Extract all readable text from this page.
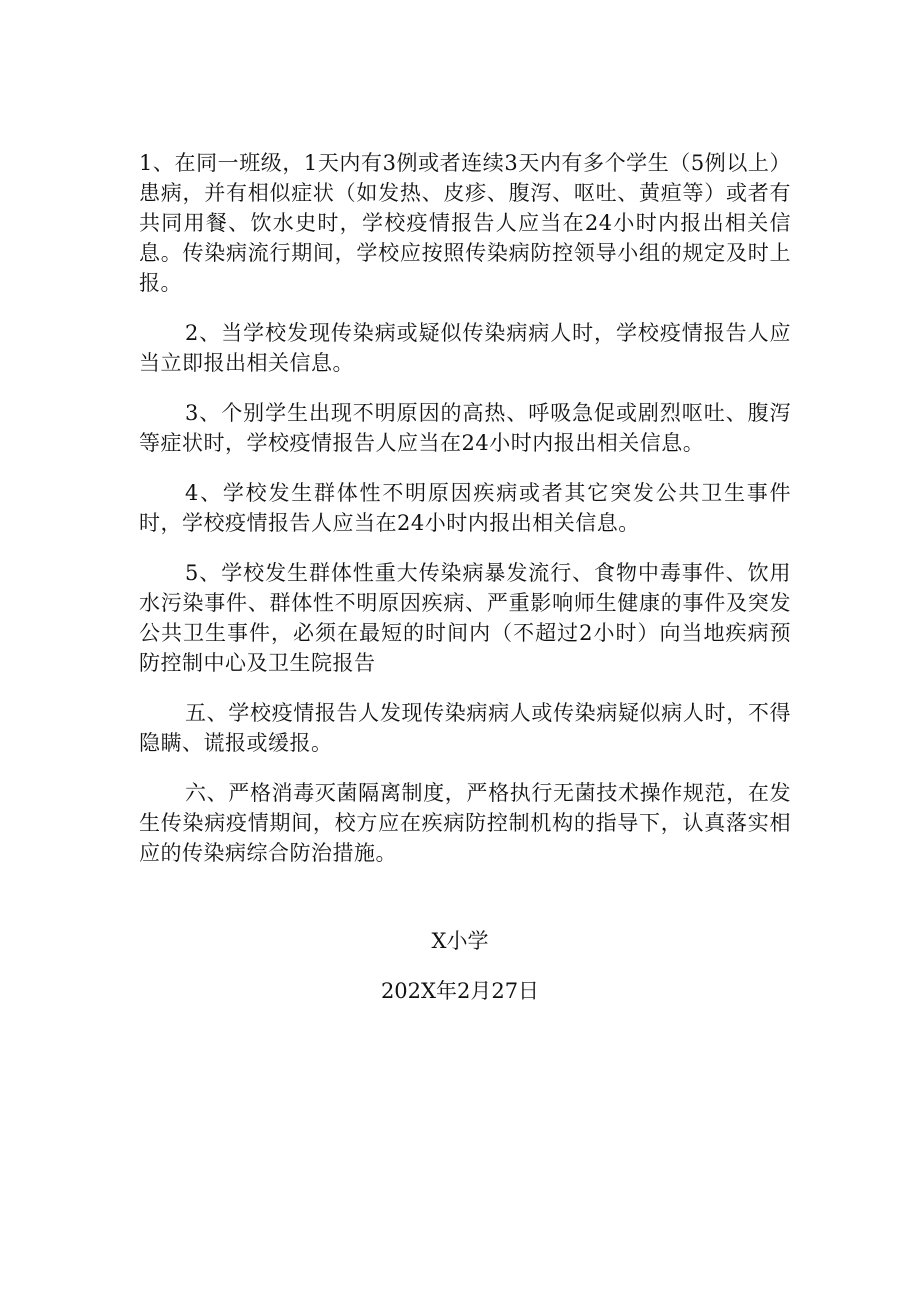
1、在同一班级，1天内有3例或者连续3天内有多个学生（5例以上）患病，并有相似症状（如发热、皮疹、腹泻、呕吐、黄疸等）或者有共同用餐、饮水史时，学校疫情报告人应当在24小时内报出相关信息。传染病流行期间，学校应按照传染病防控领导小组的规定及时上报。

2、当学校发现传染病或疑似传染病病人时，学校疫情报告人应当立即报出相关信息。

3、个别学生出现不明原因的高热、呼吸急促或剧烈呕吐、腹泻等症状时，学校疫情报告人应当在24小时内报出相关信息。

4、学校发生群体性不明原因疾病或者其它突发公共卫生事件时，学校疫情报告人应当在24小时内报出相关信息。

5、学校发生群体性重大传染病暴发流行、食物中毒事件、饮用水污染事件、群体性不明原因疾病、严重影响师生健康的事件及突发公共卫生事件，必须在最短的时间内（不超过2小时）向当地疾病预防控制中心及卫生院报告

五、学校疫情报告人发现传染病病人或传染病疑似病人时，不得隐瞒、谎报或缓报。

六、严格消毒灭菌隔离制度，严格执行无菌技术操作规范，在发生传染病疫情期间，校方应在疾病防控制机构的指导下，认真落实相应的传染病综合防治措施。

X小学
202X年2月27日
